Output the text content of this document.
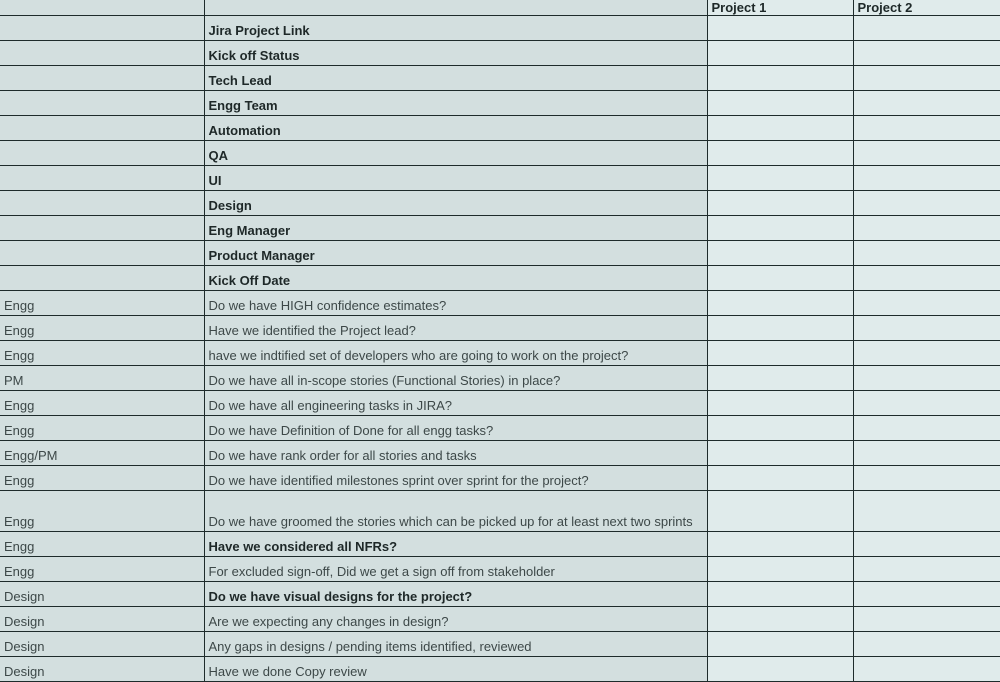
		Project 1	Project 2
	Jira Project Link		
	Kick off Status		
	Tech Lead		
	Engg Team		
	Automation		
	QA		
	UI		
	Design		
	Eng Manager		
	Product Manager		
	Kick Off Date		
Engg	Do we have HIGH confidence estimates?		
Engg	Have we identified the Project lead?		
Engg	have we indtified set of developers who are going to work on the project?		
PM	Do we have all in-scope stories (Functional Stories) in place?		
Engg	Do we have all engineering tasks in JIRA?		
Engg	Do we have Definition of Done for all engg tasks?		
Engg/PM	Do we have rank order for all stories and tasks		
Engg	Do we have identified milestones sprint over sprint for the project?		
Engg	Do we have groomed the stories which can be picked up for at least next two sprints		
Engg	Have we considered all NFRs?		
Engg	For excluded sign-off, Did we get a sign off from stakeholder		
Design	Do we have visual designs for the project?		
Design	Are we expecting any changes in design?		
Design	Any gaps in designs / pending items identified, reviewed		
Design	Have we done Copy review		
